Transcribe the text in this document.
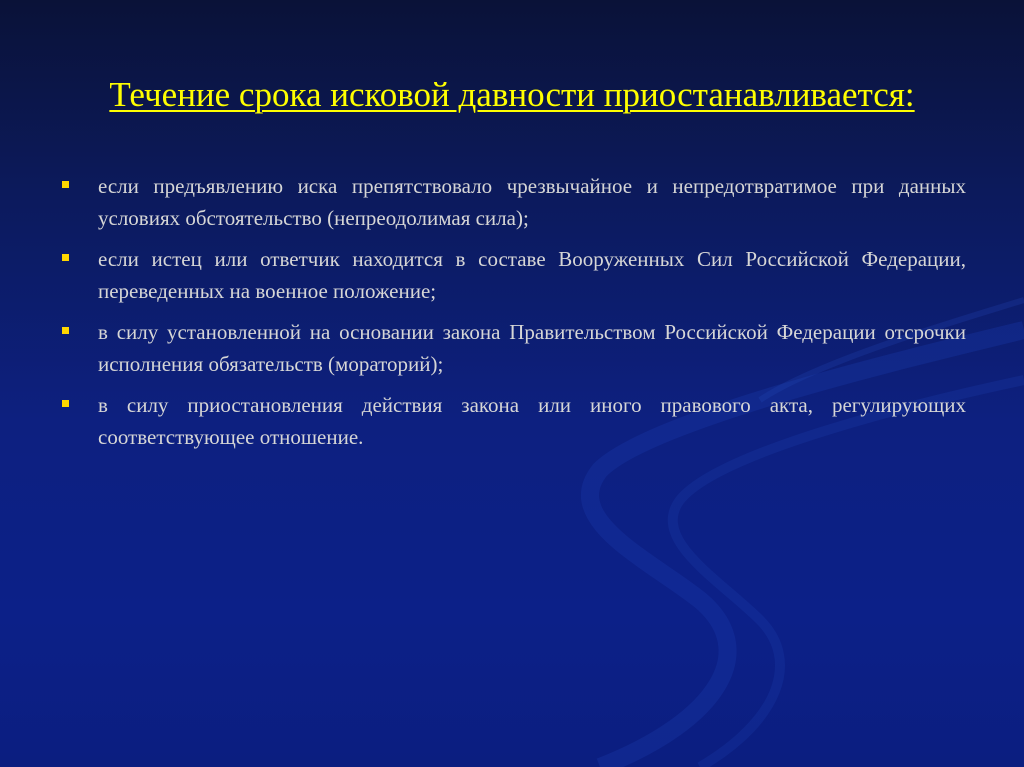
Течение срока исковой давности приостанавливается:
если предъявлению иска препятствовало чрезвычайное и непредотвратимое при данных условиях обстоятельство (непреодолимая сила);
если истец или ответчик находится в составе Вооруженных Сил Российской Федерации, переведенных на военное положение;
в силу установленной на основании закона Правительством Российской Федерации отсрочки исполнения обязательств (мораторий);
в силу приостановления действия закона или иного правового акта, регулирующих соответствующее отношение.
